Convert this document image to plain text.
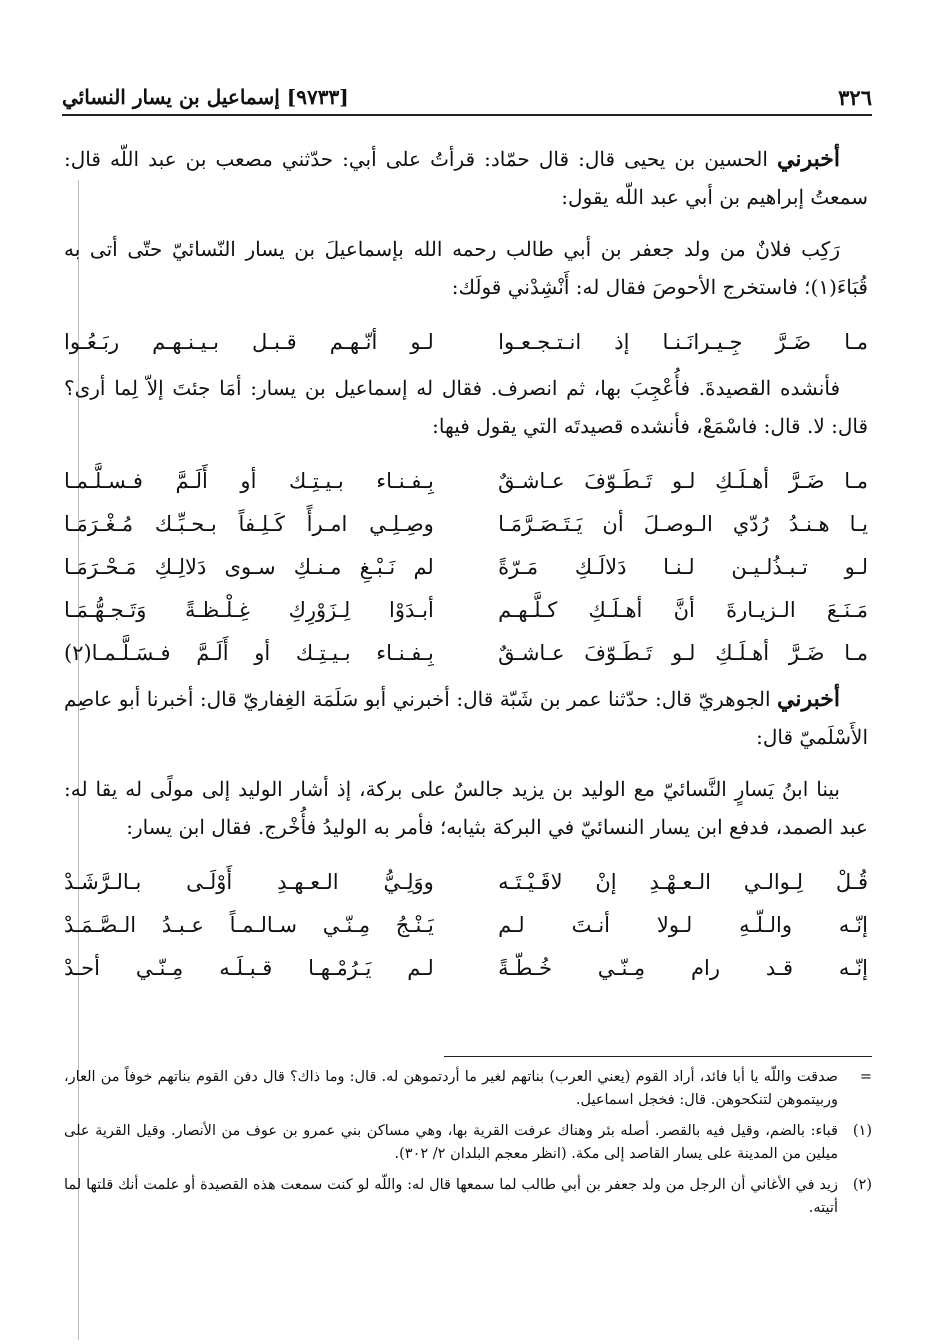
٣٢٦
[٩٧٣٣] إسماعيل بن يسار النسائي

أخبرني الحسين بن يحيى قال: قال حمّاد: قرأتُ على أبي: حدّثني مصعب بن عبد اللّه قال: سمعتُ إبراهيم بن أبي عبد اللّه يقول:

رَكِب فلانٌ من ولد جعفر بن أبي طالب رحمه الله بإسماعيلَ بن يسار النّسائيّ حتّى أتى به قُبَاءَ(١)؛ فاستخرج الأحوصَ فقال له: أَنْشِدْني قولَك:

مـا ضَـرَّ جِـيـرانَـنـا إذ انـتـجـعـوا
لـو أنّـهـم قـبـل بـيـنـهـم ربَـعُـوا

فأنشده القصيدةَ. فأُعْجِبَ بها، ثم انصرف. فقال له إسماعيل بن يسار: أمَا جئتَ إلاّ لِما أرى؟ قال: لا. قال: فاسْمَعْ، فأنشده قصيدتَه التي يقول فيها:

مـا ضَـرَّ أهـلَـكِ لـو تَـطَـوّفَ عـاشـقٌ
بِـفـنـاء بـيـتِـك أو أَلَـمَّ فـسـلَّـمـا
يـا هـنـدُ رُدّي الـوصـلَ أن يَـتَـصَـرَّمَـا
وصِـلِـي امـرأً كَـلِـفاً بـحـبِّـك مُـغْـرَمَـا
لـو تـبـذُلـيـن لـنـا دَلالَـكِ مَـرّةً
لم نَـبْـغِ مـنـكِ سـوى دَلالِـكِ مَـحْـرَمَـا
مَـنَـعَ الـزيـارةَ أنَّ أهـلَـكِ كـلَّـهـم
أبـدَوْا لِـزَوْرِكِ غِـلْـظـةً وَتَـجـهُّـمَـا
مـا ضَـرَّ أهـلَـكِ لـو تَـطَـوّفَ عـاشـقٌ
بِـفـنـاء بـيـتِـك أو أَلَـمَّ فـسَـلَّـمـا(٢)

أخبرني الجوهريّ قال: حدّثنا عمر بن شَبّة قال: أخبرني أبو سَلَمَة الغِفاريّ قال: أخبرنا أبو عاصِم الأَسْلَميّ قال:

بينا ابنُ يَسارٍ النَّسائيّ مع الوليد بن يزيد جالسٌ على بركة، إذ أشار الوليد إلى مولًى له يقا له: عبد الصمد، فدفع ابن يسار النسائيّ في البركة بثيابه؛ فأمر به الوليدُ فأُخْرج. فقال ابن يسار:

قُـلْ لِـوالـي الـعـهْـدِ إنْ لاقَـيْـتَـه
ووَلِـيُّ الـعـهـدِ أَوْلَـى بـالـرَّشَـدْ
إنّـه والـلّـهِ لـولا أنـتَ لـم
يَـنْـجُ مِـنّـي سـالـمـاً عـبـدُ الـصَّـمَـدْ
إنّـه قـد رام مِـنّـي خُـطّـةً
لـم يَـرُمْـهـا قـبـلَـه مِـنّـي أحـدْ
=
صدقت واللّه يا أبا فائد، أراد القوم (يعني العرب) بناتهم لغير ما أردتموهن له. قال: وما ذاك؟ قال دفن القوم بناتهم خوفاً من العار، وربيتموهن لتنكحوهن. قال: فخجل اسماعيل.
(١)
قباء: بالضم، وقيل فيه بالقصر. أصله بئر وهناك عرفت القرية بها، وهي مساكن بني عمرو بن عوف من الأنصار. وقيل القرية على ميلين من المدينة على يسار القاصد إلى مكة. (انظر معجم البلدان ٢/ ٣٠٢).
(٢)
زيد في الأغاني أن الرجل من ولد جعفر بن أبي طالب لما سمعها قال له: واللّه لو كنت سمعت هذه القصيدة أو علمت أنك قلتها لما أتيته.
